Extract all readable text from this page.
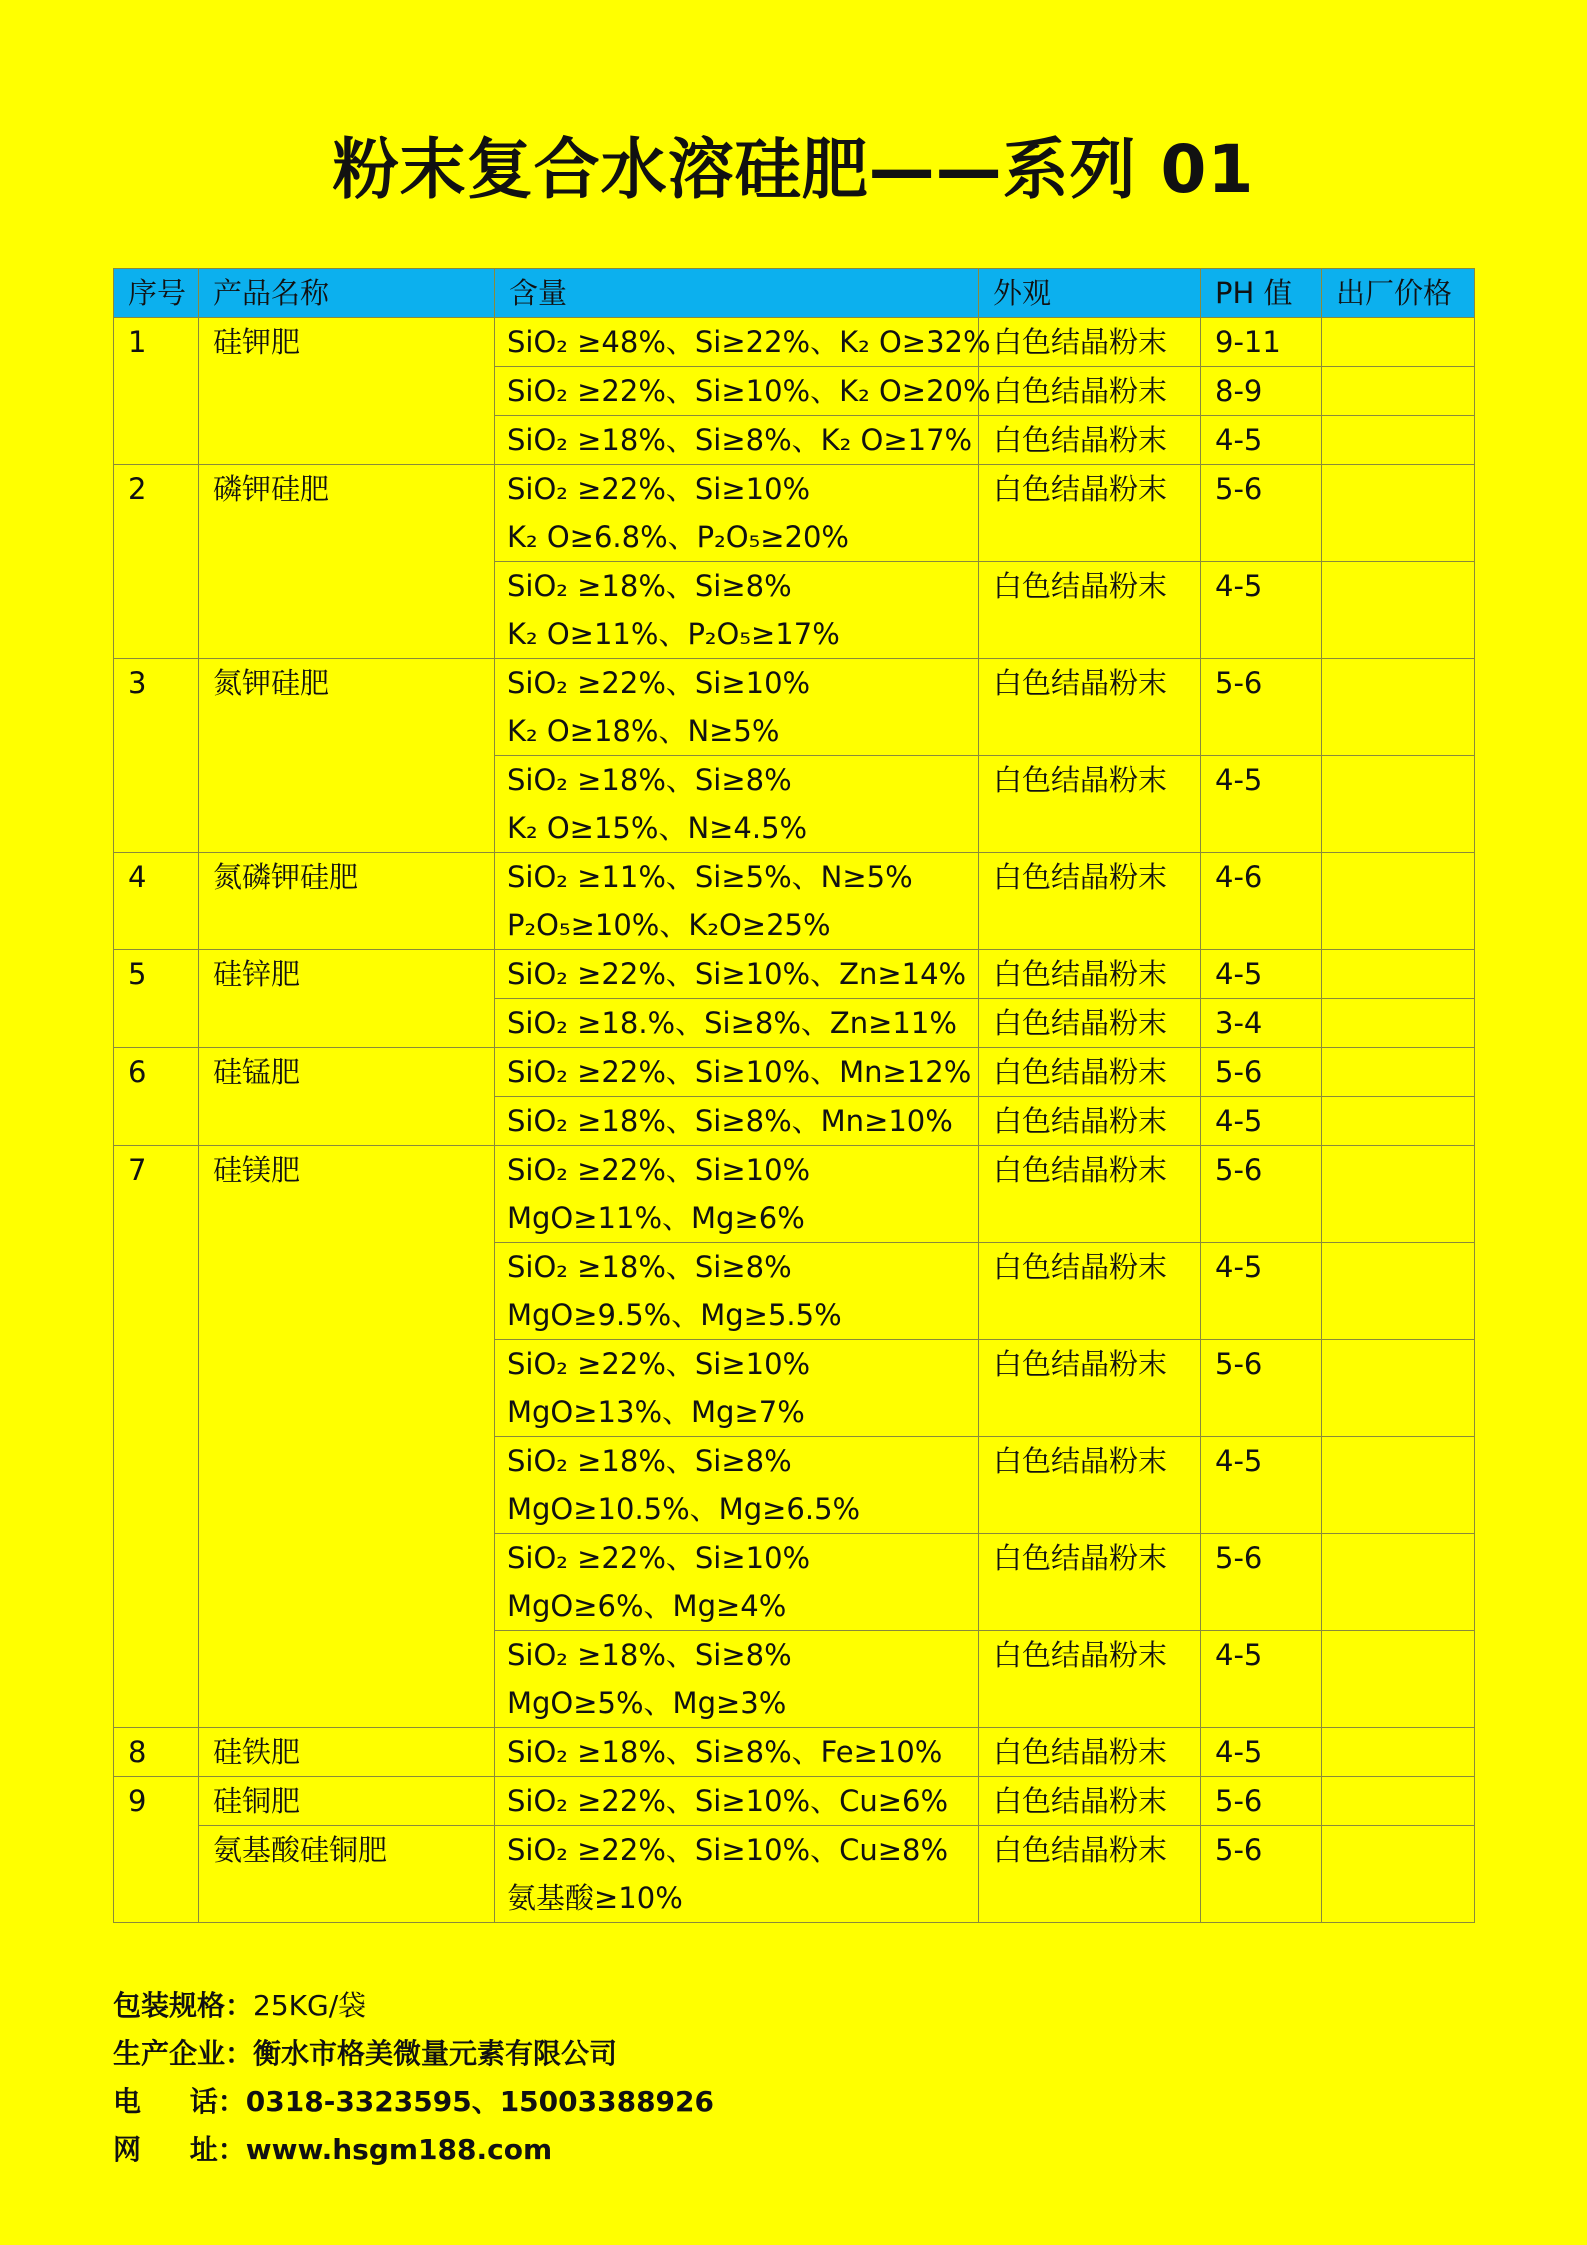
粉末复合水溶硅肥——系列 01
序号	产品名称	含量	外观	PH 值	出厂价格
1	硅钾肥	SiO₂ ≥48%、Si≥22%、K₂ O≥32%	白色结晶粉末	9-11	

		SiO₂ ≥22%、Si≥10%、K₂ O≥20%	白色结晶粉末	8-9	

		SiO₂ ≥18%、Si≥8%、K₂ O≥17%	白色结晶粉末	4-5	
2	磷钾硅肥	SiO₂ ≥22%、Si≥10%
K₂ O≥6.8%、P₂O₅≥20%	白色结晶粉末	5-6	

		SiO₂ ≥18%、Si≥8%
K₂ O≥11%、P₂O₅≥17%	白色结晶粉末	4-5	
3	氮钾硅肥	SiO₂ ≥22%、Si≥10%
K₂ O≥18%、N≥5%	白色结晶粉末	5-6	

		SiO₂ ≥18%、Si≥8%
K₂ O≥15%、N≥4.5%	白色结晶粉末	4-5	
4	氮磷钾硅肥	SiO₂ ≥11%、Si≥5%、N≥5%
P₂O₅≥10%、K₂O≥25%	白色结晶粉末	4-6	
5	硅锌肥	SiO₂ ≥22%、Si≥10%、Zn≥14%	白色结晶粉末	4-5	

		SiO₂ ≥18.%、Si≥8%、Zn≥11%	白色结晶粉末	3-4	
6	硅锰肥	SiO₂ ≥22%、Si≥10%、Mn≥12%	白色结晶粉末	5-6	

		SiO₂ ≥18%、Si≥8%、Mn≥10%	白色结晶粉末	4-5	
7	硅镁肥	SiO₂ ≥22%、Si≥10%
MgO≥11%、Mg≥6%	白色结晶粉末	5-6	

		SiO₂ ≥18%、Si≥8%
MgO≥9.5%、Mg≥5.5%	白色结晶粉末	4-5	

		SiO₂ ≥22%、Si≥10%
MgO≥13%、Mg≥7%	白色结晶粉末	5-6	

		SiO₂ ≥18%、Si≥8%
MgO≥10.5%、Mg≥6.5%	白色结晶粉末	4-5	

		SiO₂ ≥22%、Si≥10%
MgO≥6%、Mg≥4%	白色结晶粉末	5-6	

		SiO₂ ≥18%、Si≥8%
MgO≥5%、Mg≥3%	白色结晶粉末	4-5	
8	硅铁肥	SiO₂ ≥18%、Si≥8%、Fe≥10%	白色结晶粉末	4-5	
9	硅铜肥	SiO₂ ≥22%、Si≥10%、Cu≥6%	白色结晶粉末	5-6	
	氨基酸硅铜肥	SiO₂ ≥22%、Si≥10%、Cu≥8%
氨基酸≥10%	白色结晶粉末	5-6	
包装规格：25KG/袋
生产企业：衡水市格美微量元素有限公司
电     话：0318-3323595、15003388926
网     址：www.hsgm188.com
